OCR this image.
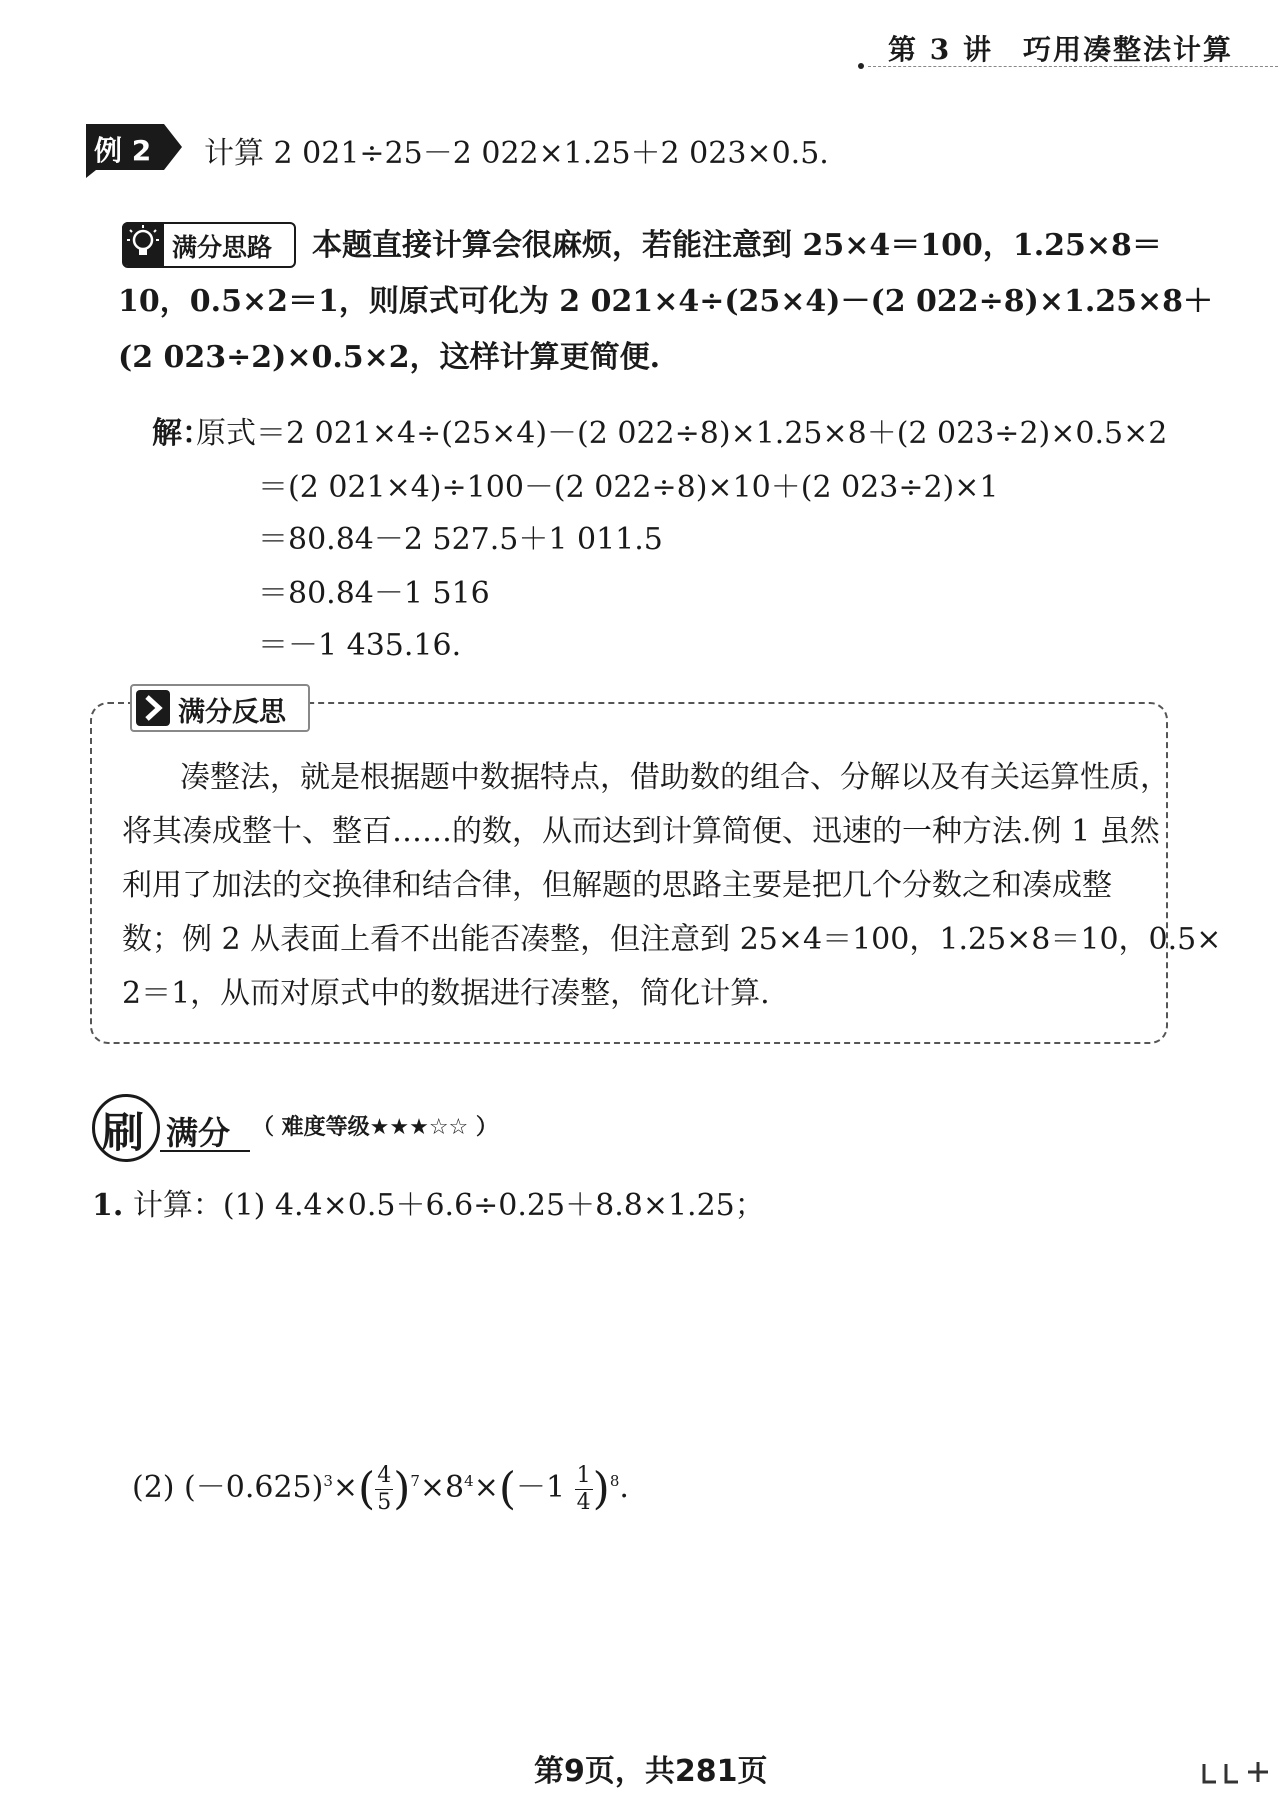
第 3 讲　巧用凑整法计算
例 2 计算 2 021÷25－2 022×1.25＋2 023×0.5.
满分思路 本题直接计算会很麻烦，若能注意到 25×4＝100，1.25×8＝
10，0.5×2＝1，则原式可化为 2 021×4÷(25×4)－(2 022÷8)×1.25×8＋
(2 023÷2)×0.5×2，这样计算更简便.
解：
原式＝2 021×4÷(25×4)－(2 022÷8)×1.25×8＋(2 023÷2)×0.5×2
＝(2 021×4)÷100－(2 022÷8)×10＋(2 023÷2)×1
＝80.84－2 527.5＋1 011.5
＝80.84－1 516
＝－1 435.16.
满分反思
凑整法，就是根据题中数据特点，借助数的组合、分解以及有关运算性质，
将其凑成整十、整百……的数，从而达到计算简便、迅速的一种方法.例 1 虽然
利用了加法的交换律和结合律，但解题的思路主要是把几个分数之和凑成整
数；例 2 从表面上看不出能否凑整，但注意到 25×4＝100，1.25×8＝10，0.5×
2＝1，从而对原式中的数据进行凑整，简化计算.
刷 满分 （ 难度等级★★★☆☆ ）
1. 计算：(1) 4.4×0.5＋6.6÷0.25＋8.8×1.25；
(2) $(-0.625)^3\times( \frac{4}{5} )^7\times 8^4\times(-1 \frac{1}{4} )^8$.
第9页，共281页
